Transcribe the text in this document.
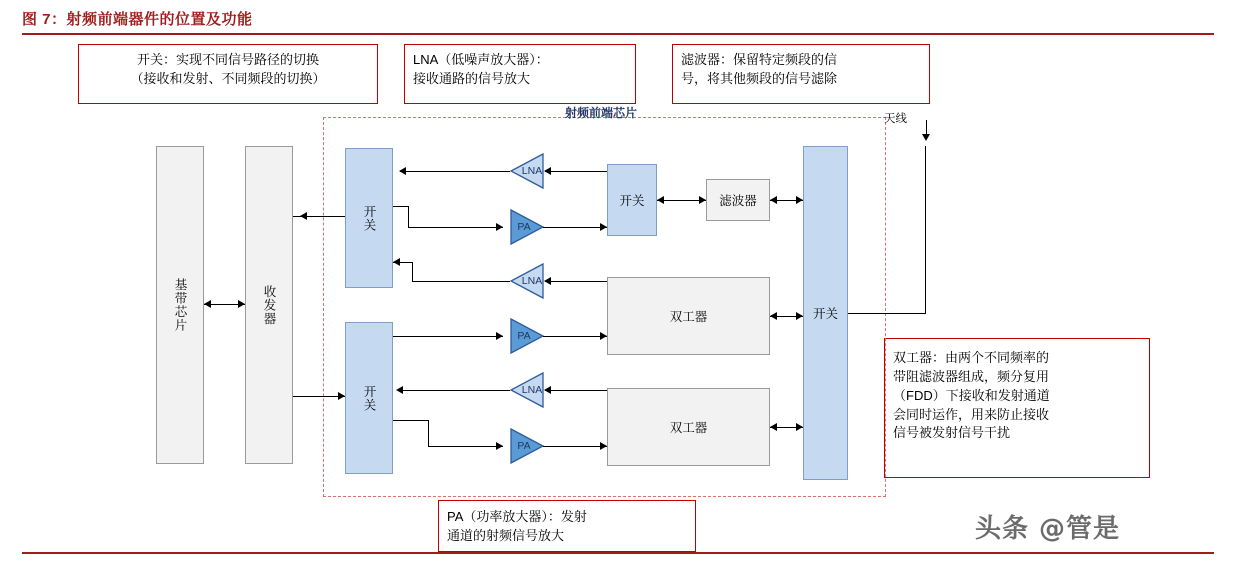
图 7：射频前端器件的位置及功能
开关：实现不同信号路径的切换
（接收和发射、不同频段的切换）
LNA（低噪声放大器）：
接收通路的信号放大
滤波器：保留特定频段的信
号，将其他频段的信号滤除
双工器：由两个不同频率的
带阻滤波器组成，频分复用
（FDD）下接收和发射通道
会同时运作，用来防止接收
信号被发射信号干扰
PA（功率放大器）：发射
通道的射频信号放大
射频前端芯片	天线
基带芯片	收发器
开关
开关
开关	滤波器
双工器
双工器
开关
LNA
PA
LNA
PA
LNA
PA
头条 @管是
